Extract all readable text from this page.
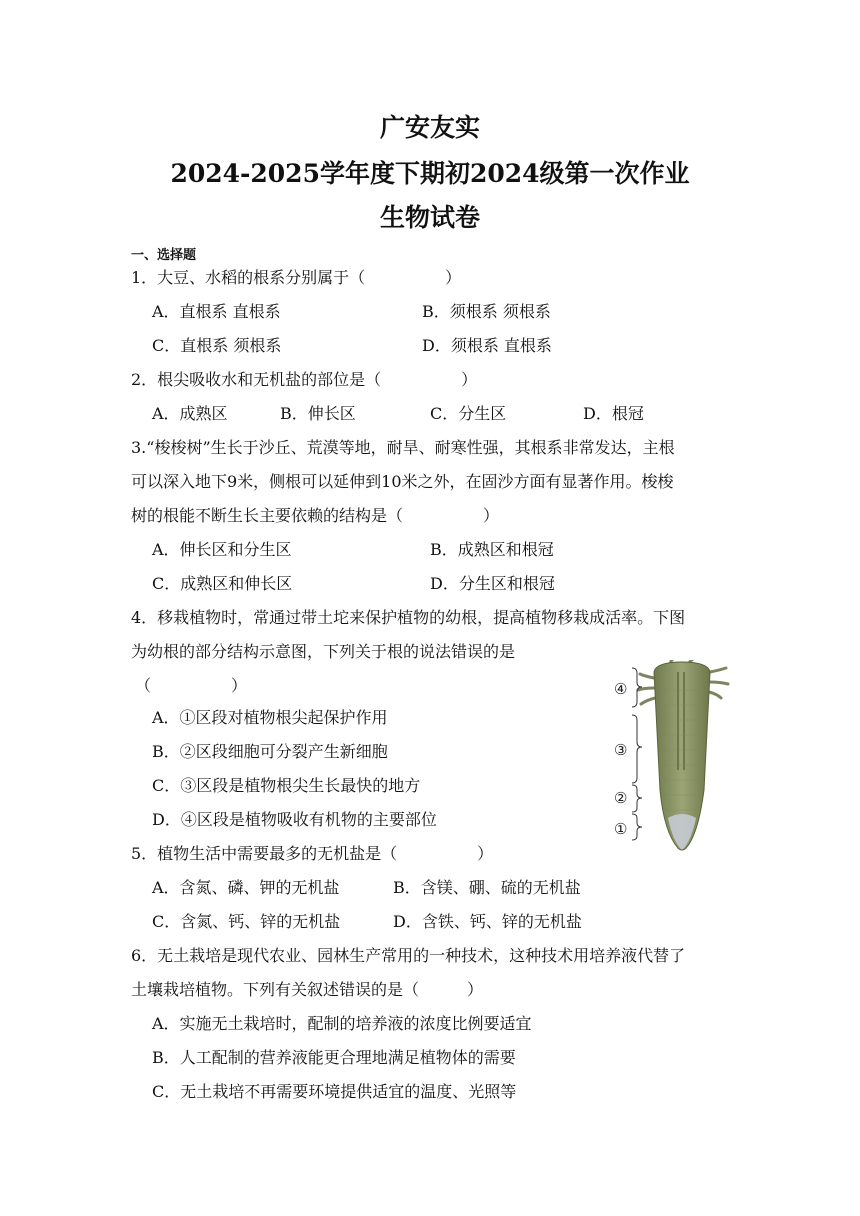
广安友实
2024-2025学年度下期初2024级第一次作业
生物试卷
一、选择题
1．大豆、水稻的根系分别属于（　　　　　）
A．直根系 直根系	B．须根系 须根系
C．直根系 须根系	D．须根系 直根系
2．根尖吸收水和无机盐的部位是（　　　　　）
A．成熟区	B．伸长区	C．分生区	D．根冠
3.“梭梭树”生长于沙丘、荒漠等地，耐旱、耐寒性强，其根系非常发达，主根
可以深入地下9米，侧根可以延伸到10米之外，在固沙方面有显著作用。梭梭
树的根能不断生长主要依赖的结构是（　　　　　）
A．伸长区和分生区	B．成熟区和根冠
C．成熟区和伸长区	D．分生区和根冠
4．移栽植物时，常通过带土坨来保护植物的幼根，提高植物移栽成活率。下图
为幼根的部分结构示意图，下列关于根的说法错误的是
（　　　　　）
A．①区段对植物根尖起保护作用
B．②区段细胞可分裂产生新细胞
C．③区段是植物根尖生长最快的地方
D．④区段是植物吸收有机物的主要部位
④
③
②
①
5．植物生活中需要最多的无机盐是（　　　　　）
A．含氮、磷、钾的无机盐	B．含镁、硼、硫的无机盐
C．含氮、钙、锌的无机盐	D．含铁、钙、锌的无机盐
6．无土栽培是现代农业、园林生产常用的一种技术，这种技术用培养液代替了
土壤栽培植物。下列有关叙述错误的是（　　　）
A．实施无土栽培时，配制的培养液的浓度比例要适宜
B．人工配制的营养液能更合理地满足植物体的需要
C．无土栽培不再需要环境提供适宜的温度、光照等
